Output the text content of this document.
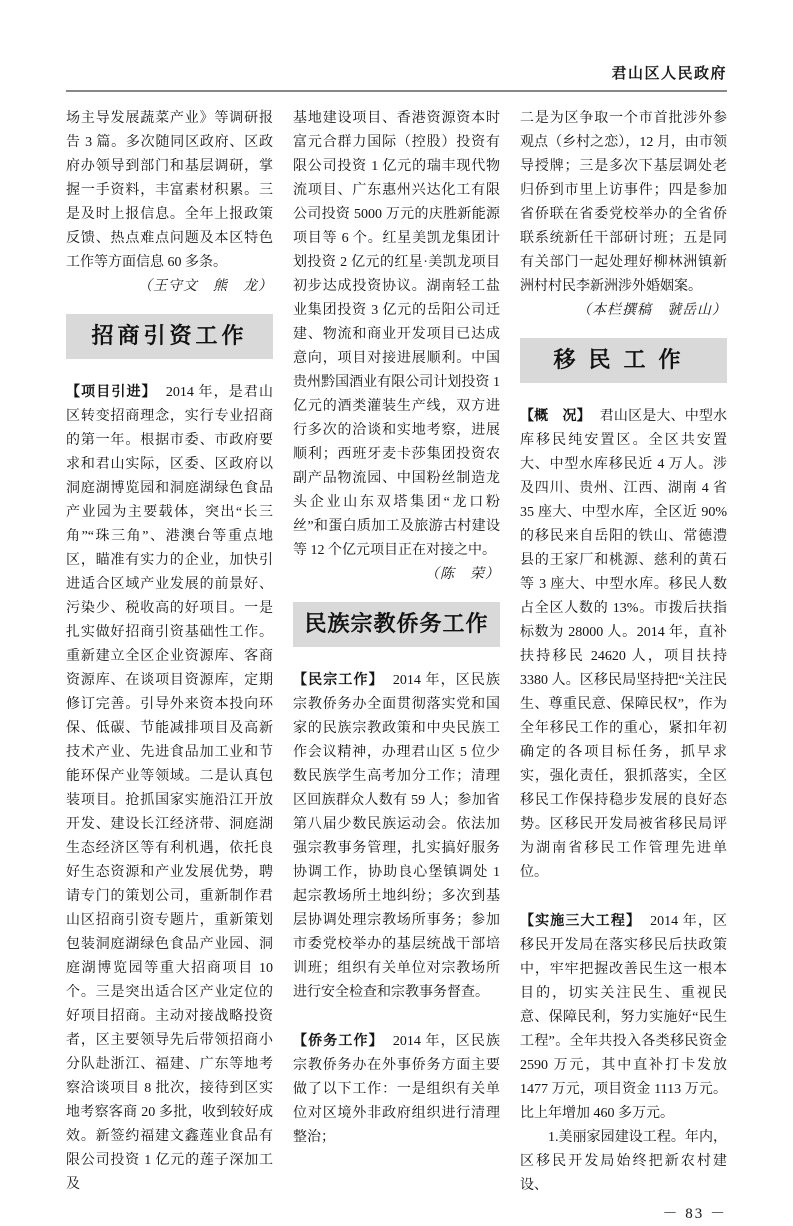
君山区人民政府

场主导发展蔬菜产业》等调研报告 3 篇。多次随同区政府、区政府办领导到部门和基层调研，掌握一手资料，丰富素材积累。三是及时上报信息。全年上报政策反馈、热点难点问题及本区特色工作等方面信息 60 多条。

（王守文　熊　龙）

招商引资工作

【项目引进】 2014 年，是君山区转变招商理念，实行专业招商的第一年。根据市委、市政府要求和君山实际，区委、区政府以洞庭湖博览园和洞庭湖绿色食品产业园为主要载体，突出“长三角”“珠三角”、港澳台等重点地区，瞄准有实力的企业，加快引进适合区域产业发展的前景好、污染少、税收高的好项目。一是扎实做好招商引资基础性工作。重新建立全区企业资源库、客商资源库、在谈项目资源库，定期修订完善。引导外来资本投向环保、低碳、节能减排项目及高新技术产业、先进食品加工业和节能环保产业等领域。二是认真包装项目。抢抓国家实施沿江开放开发、建设长江经济带、洞庭湖生态经济区等有利机遇，依托良好生态资源和产业发展优势，聘请专门的策划公司，重新制作君山区招商引资专题片，重新策划包装洞庭湖绿色食品产业园、洞庭湖博览园等重大招商项目 10 个。三是突出适合区产业定位的好项目招商。主动对接战略投资者，区主要领导先后带领招商小分队赴浙江、福建、广东等地考察洽谈项目 8 批次，接待到区实地考察客商 20 多批，收到较好成效。新签约福建文鑫莲业食品有限公司投资 1 亿元的莲子深加工及

基地建设项目、香港资源资本时富元合群力国际（控股）投资有限公司投资 1 亿元的瑞丰现代物流项目、广东惠州兴达化工有限公司投资 5000 万元的庆胜新能源项目等 6 个。红星美凯龙集团计划投资 2 亿元的红星·美凯龙项目初步达成投资协议。湖南轻工盐业集团投资 3 亿元的岳阳公司迁建、物流和商业开发项目已达成意向，项目对接进展顺利。中国贵州黔国酒业有限公司计划投资 1 亿元的酒类灌装生产线，双方进行多次的洽谈和实地考察，进展顺利；西班牙麦卡莎集团投资农副产品物流园、中国粉丝制造龙头企业山东双塔集团“龙口粉丝”和蛋白质加工及旅游古村建设等 12 个亿元项目正在对接之中。

（陈　荣）

民族宗教侨务工作

【民宗工作】 2014 年，区民族宗教侨务办全面贯彻落实党和国家的民族宗教政策和中央民族工作会议精神，办理君山区 5 位少数民族学生高考加分工作；清理区回族群众人数有 59 人；参加省第八届少数民族运动会。依法加强宗教事务管理，扎实搞好服务协调工作，协助良心堡镇调处 1 起宗教场所土地纠纷；多次到基层协调处理宗教场所事务；参加市委党校举办的基层统战干部培训班；组织有关单位对宗教场所进行安全检查和宗教事务督查。

【侨务工作】 2014 年，区民族宗教侨务办在外事侨务方面主要做了以下工作：一是组织有关单位对区境外非政府组织进行清理整治；

二是为区争取一个市首批涉外参观点（乡村之恋），12 月，由市领导授牌；三是多次下基层调处老归侨到市里上访事件；四是参加省侨联在省委党校举办的全省侨联系统新任干部研讨班；五是同有关部门一起处理好柳林洲镇新洲村村民李新洲涉外婚姻案。

（本栏撰稿　虢岳山）

移民工作

【概　况】 君山区是大、中型水库移民纯安置区。全区共安置大、中型水库移民近 4 万人。涉及四川、贵州、江西、湖南 4 省 35 座大、中型水库，全区近 90%的移民来自岳阳的铁山、常德澧县的王家厂和桃源、慈利的黄石等 3 座大、中型水库。移民人数占全区人数的 13%。市拨后扶指标数为 28000 人。2014 年，直补扶持移民 24620 人，项目扶持 3380 人。区移民局坚持把“关注民生、尊重民意、保障民权”，作为全年移民工作的重心，紧扣年初确定的各项目标任务，抓早求实，强化责任，狠抓落实，全区移民工作保持稳步发展的良好态势。区移民开发局被省移民局评为湖南省移民工作管理先进单位。

【实施三大工程】 2014 年，区移民开发局在落实移民后扶政策中，牢牢把握改善民生这一根本目的，切实关注民生、重视民意、保障民利，努力实施好“民生工程”。全年共投入各类移民资金 2590 万元，其中直补打卡发放 1477 万元，项目资金 1113 万元。比上年增加 460 多万元。

1.美丽家园建设工程。年内，区移民开发局始终把新农村建设、

－ 83 －
